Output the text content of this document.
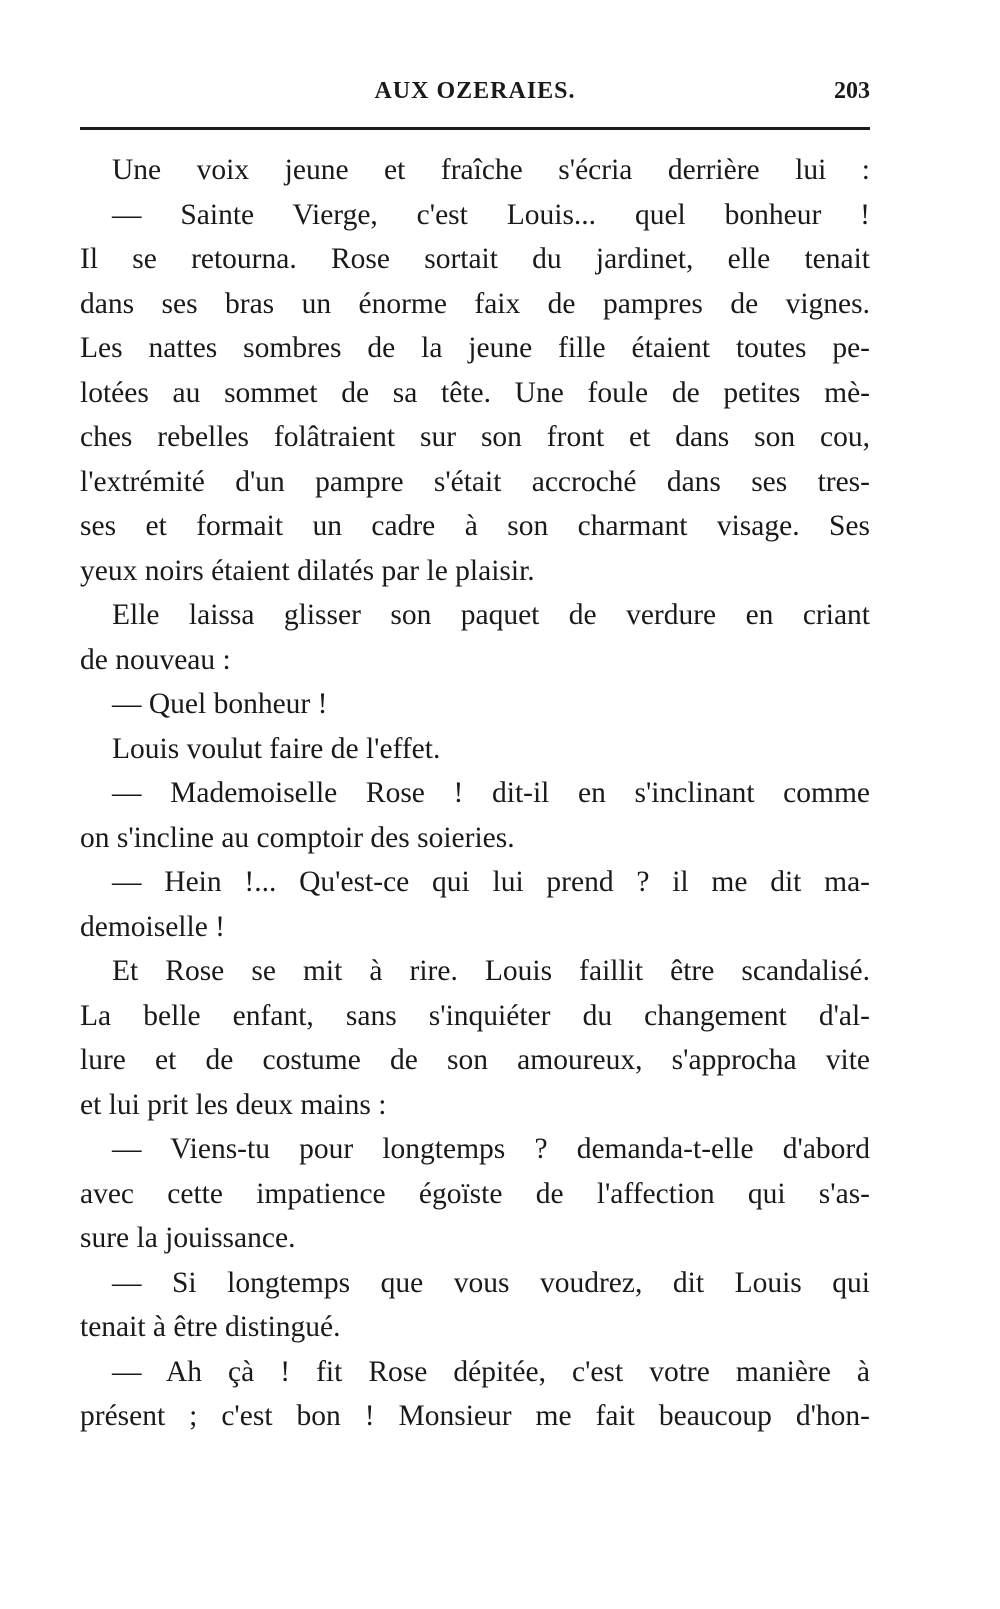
AUX OZERAIES.	203
Une voix jeune et fraîche s'écria derrière lui :
— Sainte Vierge, c'est Louis... quel bonheur !
Il se retourna. Rose sortait du jardinet, elle tenait
dans ses bras un énorme faix de pampres de vignes.
Les nattes sombres de la jeune fille étaient toutes pe-
lotées au sommet de sa tête. Une foule de petites mè-
ches rebelles folâtraient sur son front et dans son cou,
l'extrémité d'un pampre s'était accroché dans ses tres-
ses et formait un cadre à son charmant visage. Ses
yeux noirs étaient dilatés par le plaisir.
Elle laissa glisser son paquet de verdure en criant
de nouveau :
— Quel bonheur !
Louis voulut faire de l'effet.
— Mademoiselle Rose ! dit-il en s'inclinant comme
on s'incline au comptoir des soieries.
— Hein !... Qu'est-ce qui lui prend ? il me dit ma-
demoiselle !
Et Rose se mit à rire. Louis faillit être scandalisé.
La belle enfant, sans s'inquiéter du changement d'al-
lure et de costume de son amoureux, s'approcha vite
et lui prit les deux mains :
— Viens-tu pour longtemps ? demanda-t-elle d'abord
avec cette impatience égoïste de l'affection qui s'as-
sure la jouissance.
— Si longtemps que vous voudrez, dit Louis qui
tenait à être distingué.
— Ah çà ! fit Rose dépitée, c'est votre manière à
présent ; c'est bon ! Monsieur me fait beaucoup d'hon-
